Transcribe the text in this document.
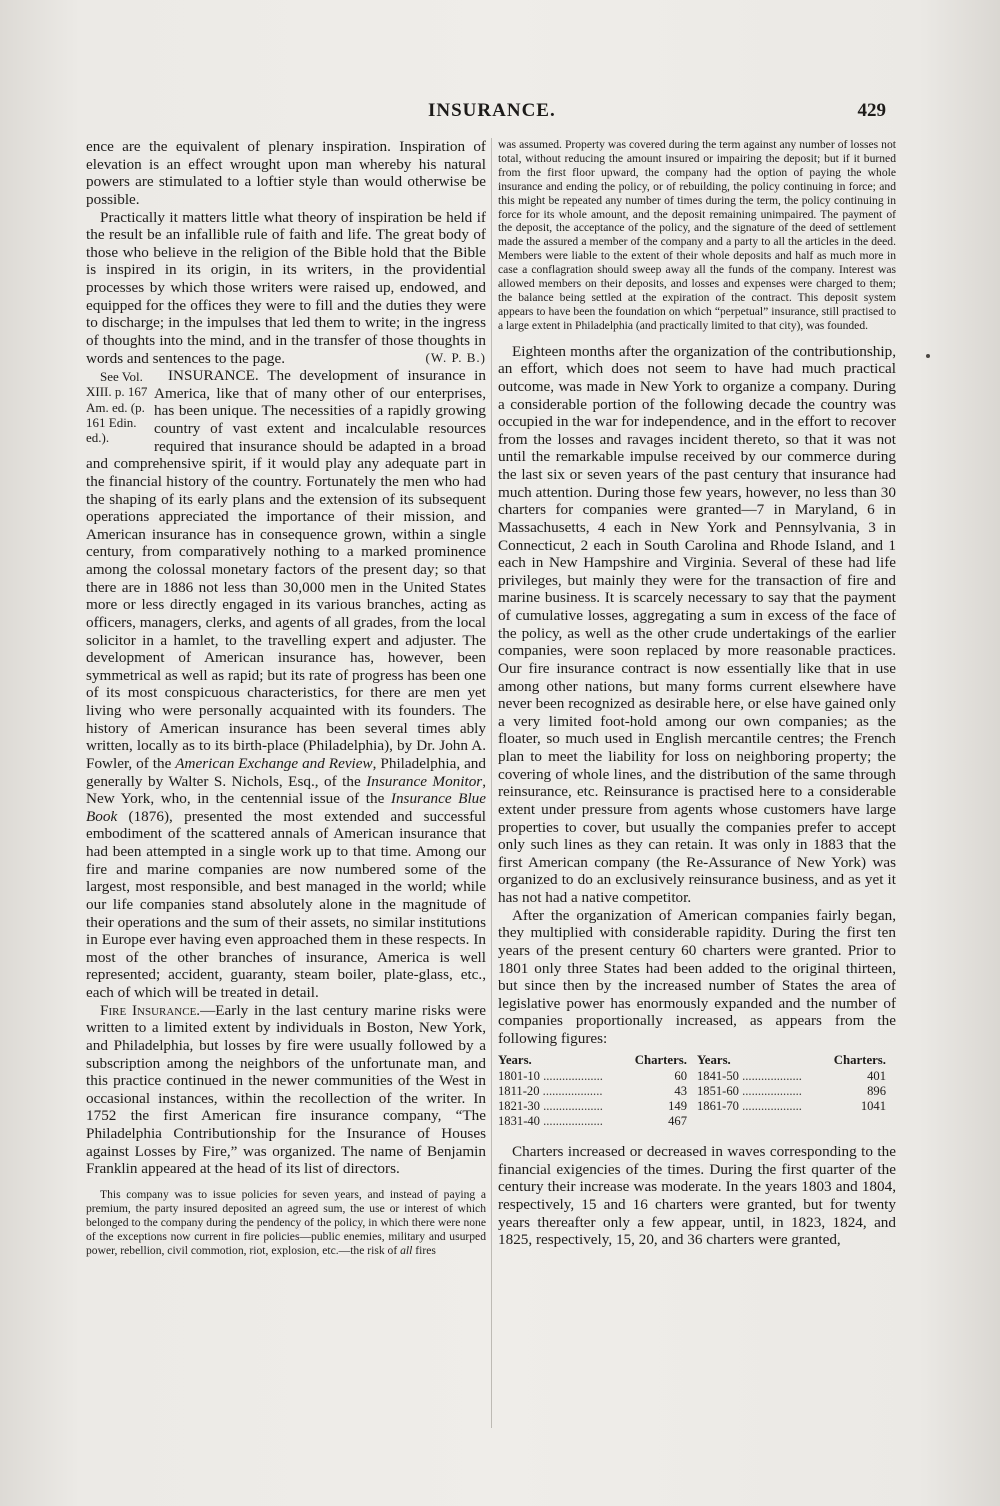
INSURANCE.	429

ence are the equivalent of plenary inspiration. Inspiration of elevation is an effect wrought upon man whereby his natural powers are stimulated to a loftier style than would otherwise be possible.

Practically it matters little what theory of inspiration be held if the result be an infallible rule of faith and life. The great body of those who believe in the religion of the Bible hold that the Bible is inspired in its origin, in its writers, in the providential processes by which those writers were raised up, endowed, and equipped for the offices they were to fill and the duties they were to discharge; in the impulses that led them to write; in the ingress of thoughts into the mind, and in the transfer of those thoughts in words and sentences to the page.	(W. P. B.)

INSURANCE.
See Vol. XIII. p. 167 Am. ed. (p. 161 Edin. ed.).
The development of insurance in America, like that of many other of our enterprises, has been unique. The necessities of a rapidly growing country of vast extent and incalculable resources required that insurance should be adapted in a broad and comprehensive spirit, if it would play any adequate part in the financial history of the country. Fortunately the men who had the shaping of its early plans and the extension of its subsequent operations appreciated the importance of their mission, and American insurance has in consequence grown, within a single century, from comparatively nothing to a marked prominence among the colossal monetary factors of the present day; so that there are in 1886 not less than 30,000 men in the United States more or less directly engaged in its various branches, acting as officers, managers, clerks, and agents of all grades, from the local solicitor in a hamlet, to the travelling expert and adjuster. The development of American insurance has, however, been symmetrical as well as rapid; but its rate of progress has been one of its most conspicuous characteristics, for there are men yet living who were personally acquainted with its founders. The history of American insurance has been several times ably written, locally as to its birth-place (Philadelphia), by Dr. John A. Fowler, of the American Exchange and Review, Philadelphia, and generally by Walter S. Nichols, Esq., of the Insurance Monitor, New York, who, in the centennial issue of the Insurance Blue Book (1876), presented the most extended and successful embodiment of the scattered annals of American insurance that had been attempted in a single work up to that time. Among our fire and marine companies are now numbered some of the largest, most responsible, and best managed in the world; while our life companies stand absolutely alone in the magnitude of their operations and the sum of their assets, no similar institutions in Europe ever having even approached them in these respects. In most of the other branches of insurance, America is well represented; accident, guaranty, steam boiler, plate-glass, etc., each of which will be treated in detail.

Fire Insurance.—Early in the last century marine risks were written to a limited extent by individuals in Boston, New York, and Philadelphia, but losses by fire were usually followed by a subscription among the neighbors of the unfortunate man, and this practice continued in the newer communities of the West in occasional instances, within the recollection of the writer. In 1752 the first American fire insurance company, “The Philadelphia Contributionship for the Insurance of Houses against Losses by Fire,” was organized. The name of Benjamin Franklin appeared at the head of its list of directors.

This company was to issue policies for seven years, and instead of paying a premium, the party insured deposited an agreed sum, the use or interest of which belonged to the company during the pendency of the policy, in which there were none of the exceptions now current in fire policies—public enemies, military and usurped power, rebellion, civil commotion, riot, explosion, etc.—the risk of all fires

was assumed. Property was covered during the term against any number of losses not total, without reducing the amount insured or impairing the deposit; but if it burned from the first floor upward, the company had the option of paying the whole insurance and ending the policy, or of rebuilding, the policy continuing in force; and this might be repeated any number of times during the term, the policy continuing in force for its whole amount, and the deposit remaining unimpaired. The payment of the deposit, the acceptance of the policy, and the signature of the deed of settlement made the assured a member of the company and a party to all the articles in the deed. Members were liable to the extent of their whole deposits and half as much more in case a conflagration should sweep away all the funds of the company. Interest was allowed members on their deposits, and losses and expenses were charged to them; the balance being settled at the expiration of the contract. This deposit system appears to have been the foundation on which “perpetual” insurance, still practised to a large extent in Philadelphia (and practically limited to that city), was founded.

Eighteen months after the organization of the contributionship, an effort, which does not seem to have had much practical outcome, was made in New York to organize a company. During a considerable portion of the following decade the country was occupied in the war for independence, and in the effort to recover from the losses and ravages incident thereto, so that it was not until the remarkable impulse received by our commerce during the last six or seven years of the past century that insurance had much attention. During those few years, however, no less than 30 charters for companies were granted—7 in Maryland, 6 in Massachusetts, 4 each in New York and Pennsylvania, 3 in Connecticut, 2 each in South Carolina and Rhode Island, and 1 each in New Hampshire and Virginia. Several of these had life privileges, but mainly they were for the transaction of fire and marine business. It is scarcely necessary to say that the payment of cumulative losses, aggregating a sum in excess of the face of the policy, as well as the other crude undertakings of the earlier companies, were soon replaced by more reasonable practices. Our fire insurance contract is now essentially like that in use among other nations, but many forms current elsewhere have never been recognized as desirable here, or else have gained only a very limited foot-hold among our own companies; as the floater, so much used in English mercantile centres; the French plan to meet the liability for loss on neighboring property; the covering of whole lines, and the distribution of the same through reinsurance, etc. Reinsurance is practised here to a considerable extent under pressure from agents whose customers have large properties to cover, but usually the companies prefer to accept only such lines as they can retain. It was only in 1883 that the first American company (the Re-Assurance of New York) was organized to do an exclusively reinsurance business, and as yet it has not had a native competitor.

After the organization of American companies fairly began, they multiplied with considerable rapidity. During the first ten years of the present century 60 charters were granted. Prior to 1801 only three States had been added to the original thirteen, but since then by the increased number of States the area of legislative power has enormously expanded and the number of companies proportionally increased, as appears from the following figures:

Years.	Charters.	Years.	Charters.
1801-10 ...................	60	1841-50 ...................	401
1811-20 ...................	43	1851-60 ...................	896
1821-30 ...................	149	1861-70 ...................	1041
1831-40 ...................	467		

Charters increased or decreased in waves corresponding to the financial exigencies of the times. During the first quarter of the century their increase was moderate. In the years 1803 and 1804, respectively, 15 and 16 charters were granted, but for twenty years thereafter only a few appear, until, in 1823, 1824, and 1825, respectively, 15, 20, and 36 charters were granted,
